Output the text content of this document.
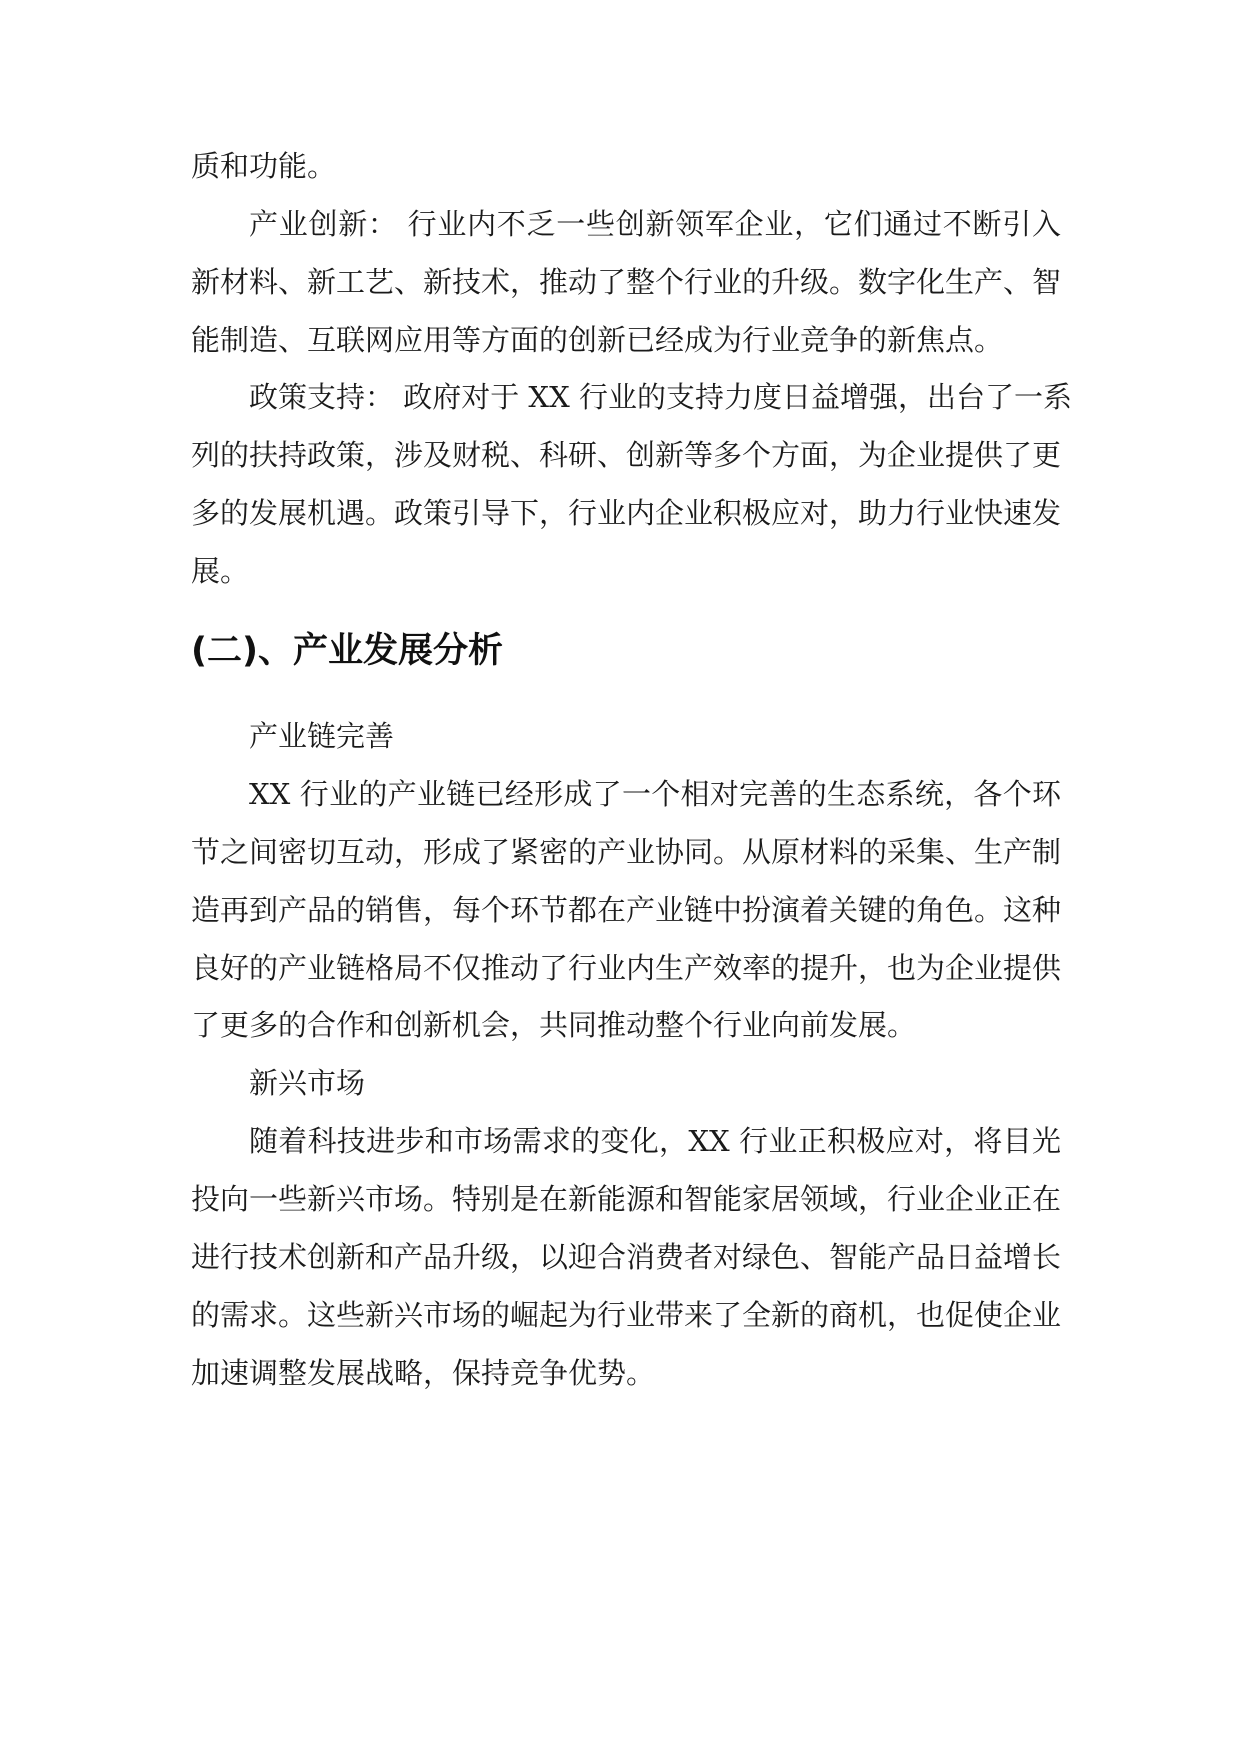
质和功能。
产业创新： 行业内不乏一些创新领军企业，它们通过不断引入
新材料、新工艺、新技术，推动了整个行业的升级。数字化生产、智
能制造、互联网应用等方面的创新已经成为行业竞争的新焦点。
政策支持： 政府对于 XX 行业的支持力度日益增强，出台了一系
列的扶持政策，涉及财税、科研、创新等多个方面，为企业提供了更
多的发展机遇。政策引导下，行业内企业积极应对，助力行业快速发
展。
(二)、产业发展分析
产业链完善
XX 行业的产业链已经形成了一个相对完善的生态系统，各个环
节之间密切互动，形成了紧密的产业协同。从原材料的采集、生产制
造再到产品的销售，每个环节都在产业链中扮演着关键的角色。这种
良好的产业链格局不仅推动了行业内生产效率的提升，也为企业提供
了更多的合作和创新机会，共同推动整个行业向前发展。
新兴市场
随着科技进步和市场需求的变化，XX 行业正积极应对，将目光
投向一些新兴市场。特别是在新能源和智能家居领域，行业企业正在
进行技术创新和产品升级，以迎合消费者对绿色、智能产品日益增长
的需求。这些新兴市场的崛起为行业带来了全新的商机，也促使企业
加速调整发展战略，保持竞争优势。
